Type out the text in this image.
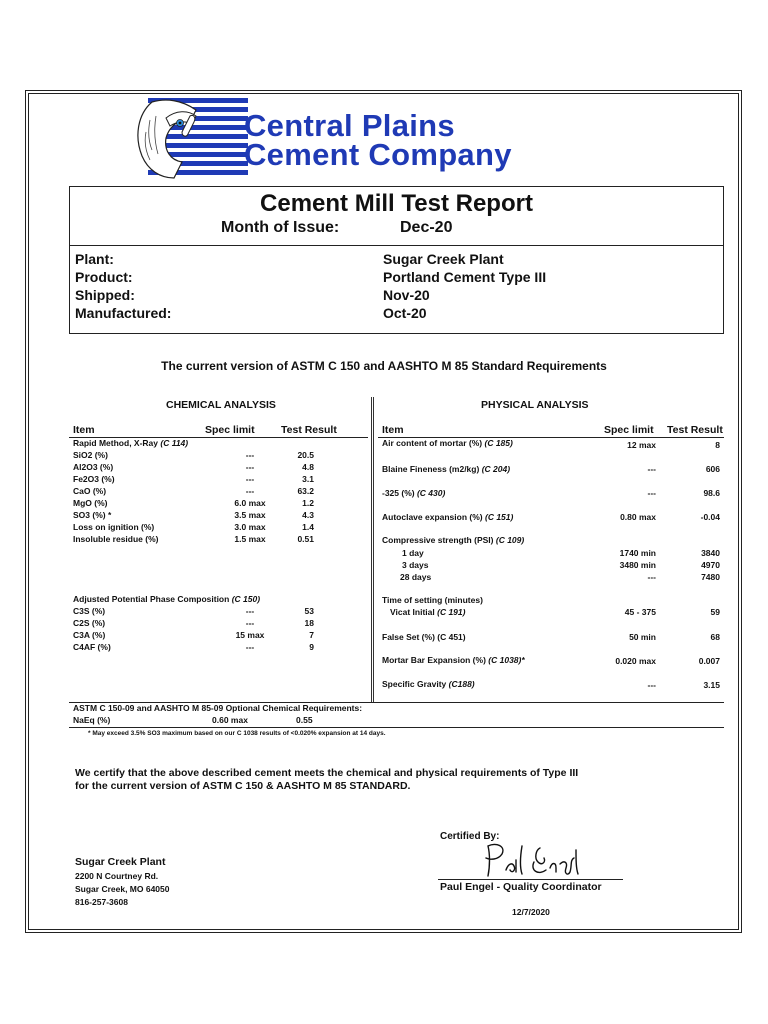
Central Plains
Cement Company
Cement Mill Test Report
Month of Issue:	Dec-20
Plant:	Sugar Creek Plant
Product:	Portland Cement Type III
Shipped:	Nov-20
Manufactured:	Oct-20
The current version of ASTM C 150 and AASHTO M 85 Standard Requirements
CHEMICAL ANALYSIS	PHYSICAL ANALYSIS
Item	Spec limit	Test Result	Item	Spec limit Test Result
Rapid Method, X-Ray (C 114)
SiO2 (%)	---	20.5
Al2O3 (%)	---	4.8
Fe2O3 (%)	---	3.1
CaO (%)	---	63.2
MgO (%)	6.0 max	1.2
SO3 (%) *	3.5 max	4.3
Loss on ignition (%)	3.0 max	1.4
Insoluble residue (%)	1.5 max	0.51
Adjusted Potential Phase Composition (C 150)
C3S (%)	---	53
C2S (%)	---	18
C3A (%)	15 max	7
C4AF (%)	---	9
Air content of mortar (%) (C 185)	12 max	8
Blaine Fineness (m2/kg) (C 204)	---	606
-325 (%) (C 430)	---	98.6
Autoclave expansion (%) (C 151)	0.80 max	-0.04
Compressive strength (PSI) (C 109)
1 day	1740 min	3840
3 days	3480 min	4970
28 days	---	7480
Time of setting (minutes)
Vicat Initial (C 191)	45 - 375	59
False Set (%) (C 451)	50 min	68
Mortar Bar Expansion (%) (C 1038)*	0.020 max	0.007
Specific Gravity (C188)	---	3.15
ASTM C 150-09 and AASHTO M 85-09 Optional Chemical Requirements:
NaEq (%)	0.60 max	0.55
* May exceed 3.5% SO3 maximum based on our C 1038 results of <0.020% expansion at 14 days.
We certify that the above described cement meets the chemical and physical requirements of Type III
for the current version of ASTM C 150 & AASHTO M 85 STANDARD.
Certified By:
Paul Engel - Quality Coordinator
12/7/2020
Sugar Creek Plant
2200 N Courtney Rd.
Sugar Creek, MO 64050
816-257-3608
